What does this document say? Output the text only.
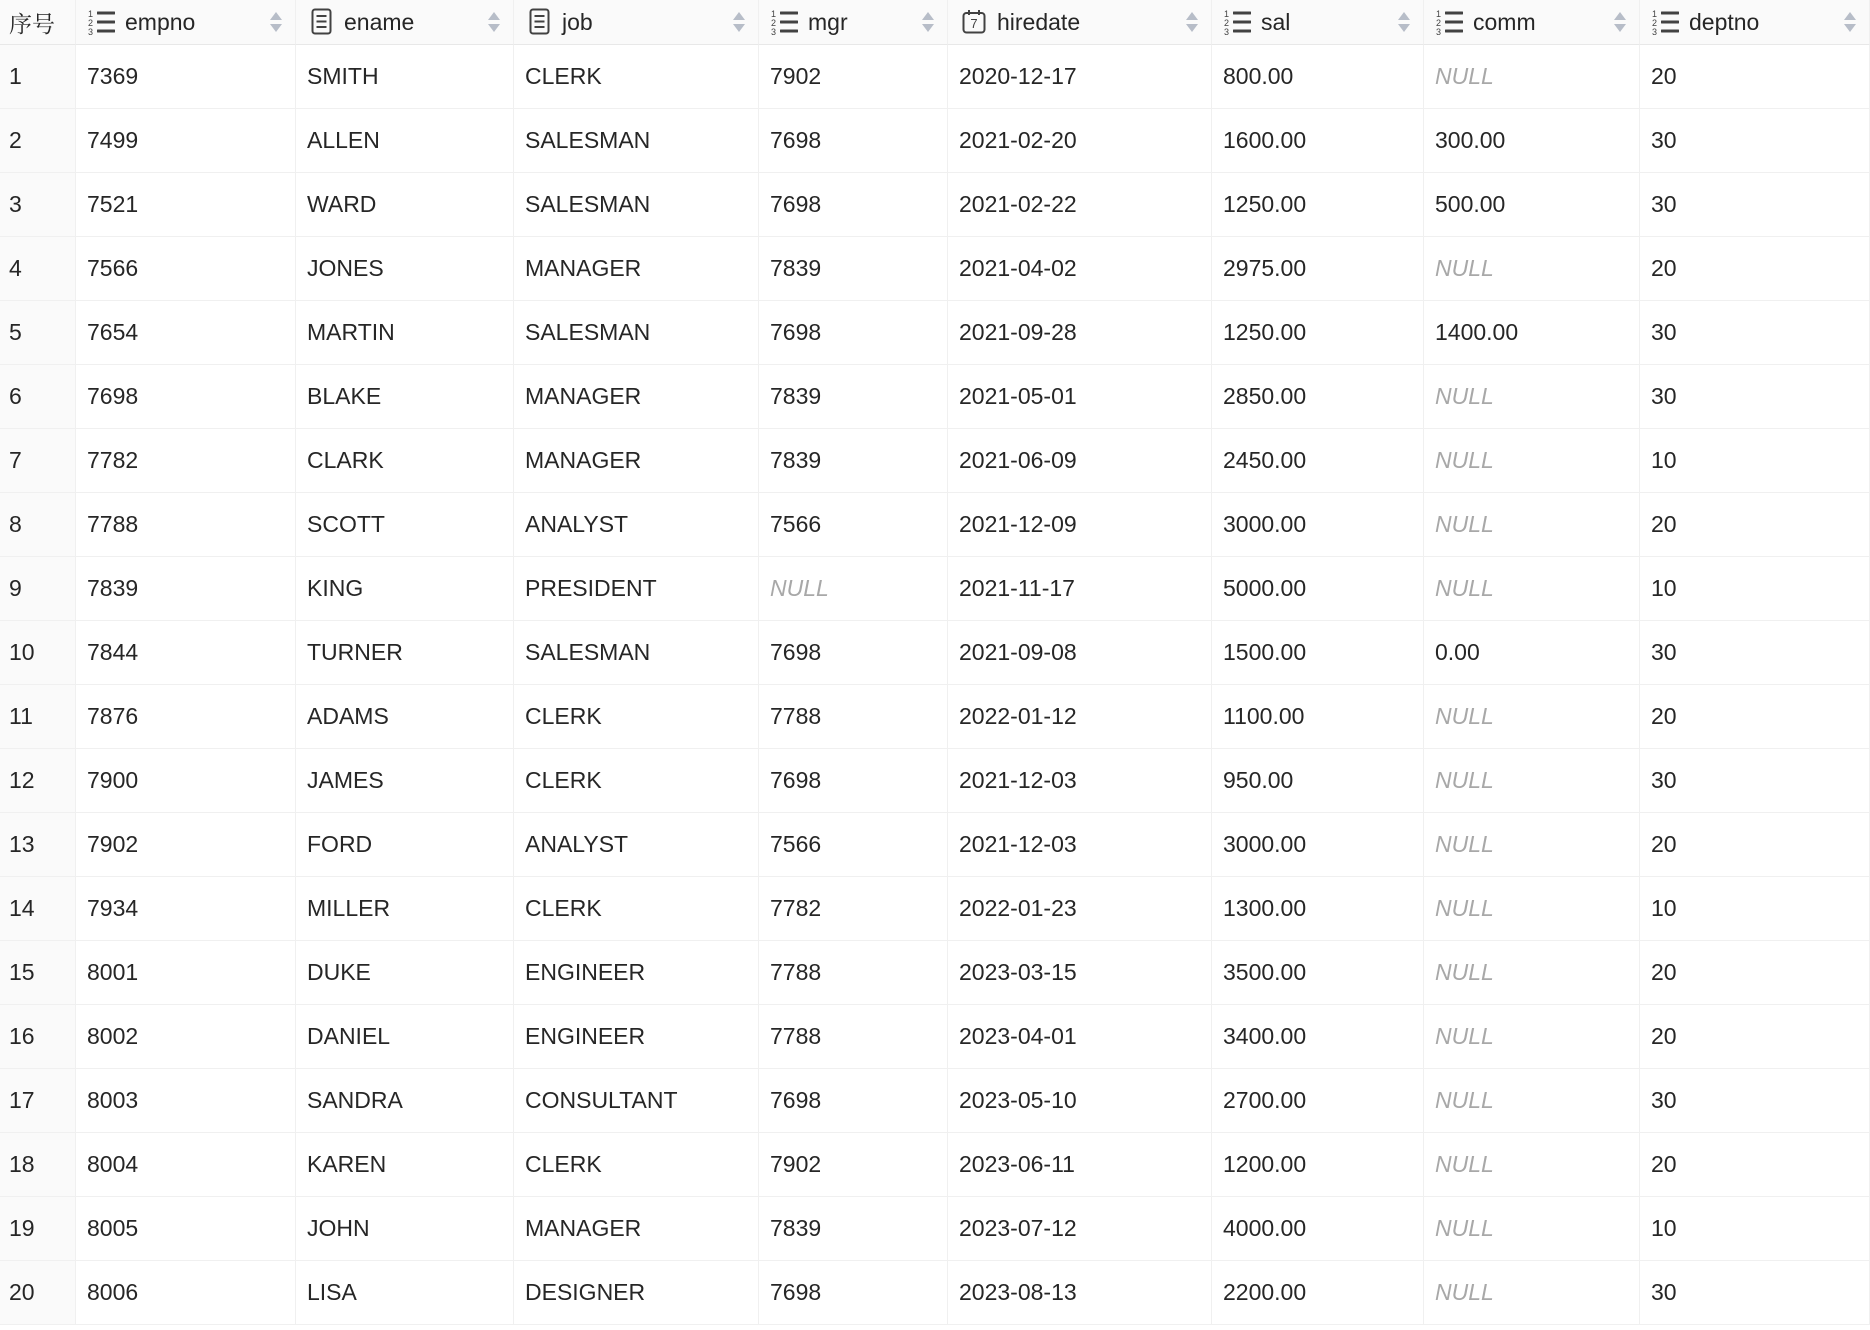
序号	empno	ename	job	mgr	hiredate	sal	comm	deptno

1	7369	SMITH	CLERK	7902	2020-12-17	800.00	NULL	20
2	7499	ALLEN	SALESMAN	7698	2021-02-20	1600.00	300.00	30
3	7521	WARD	SALESMAN	7698	2021-02-22	1250.00	500.00	30
4	7566	JONES	MANAGER	7839	2021-04-02	2975.00	NULL	20
5	7654	MARTIN	SALESMAN	7698	2021-09-28	1250.00	1400.00	30
6	7698	BLAKE	MANAGER	7839	2021-05-01	2850.00	NULL	30
7	7782	CLARK	MANAGER	7839	2021-06-09	2450.00	NULL	10
8	7788	SCOTT	ANALYST	7566	2021-12-09	3000.00	NULL	20
9	7839	KING	PRESIDENT	NULL	2021-11-17	5000.00	NULL	10
10	7844	TURNER	SALESMAN	7698	2021-09-08	1500.00	0.00	30
11	7876	ADAMS	CLERK	7788	2022-01-12	1100.00	NULL	20
12	7900	JAMES	CLERK	7698	2021-12-03	950.00	NULL	30
13	7902	FORD	ANALYST	7566	2021-12-03	3000.00	NULL	20
14	7934	MILLER	CLERK	7782	2022-01-23	1300.00	NULL	10
15	8001	DUKE	ENGINEER	7788	2023-03-15	3500.00	NULL	20
16	8002	DANIEL	ENGINEER	7788	2023-04-01	3400.00	NULL	20
17	8003	SANDRA	CONSULTANT	7698	2023-05-10	2700.00	NULL	30
18	8004	KAREN	CLERK	7902	2023-06-11	1200.00	NULL	20
19	8005	JOHN	MANAGER	7839	2023-07-12	4000.00	NULL	10
20	8006	LISA	DESIGNER	7698	2023-08-13	2200.00	NULL	30
